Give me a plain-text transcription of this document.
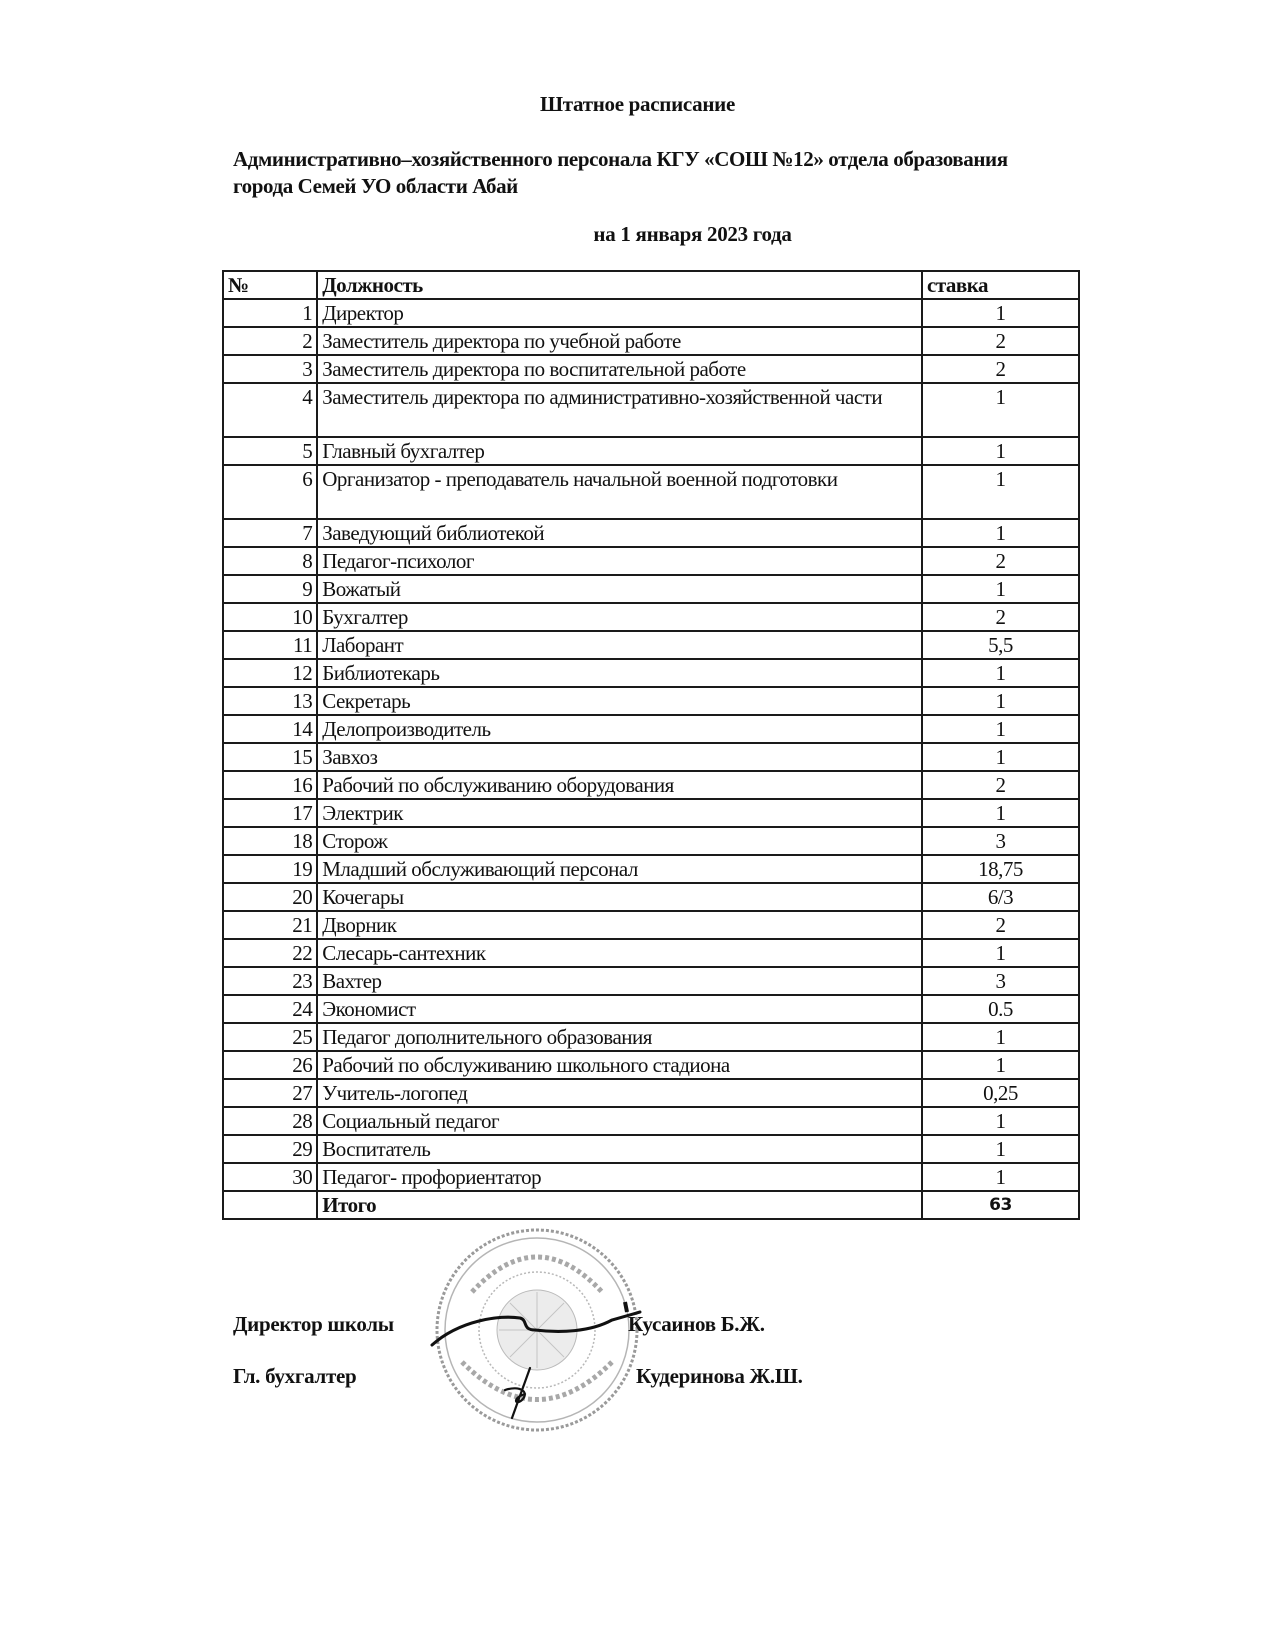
Штатное расписание
Административно–хозяйственного персонала КГУ «СОШ №12» отдела образования
города Семей УО области Абай
на 1 января 2023 года
№	Должность	ставка
1	Директор	1
2	Заместитель директора по учебной работе	2
3	Заместитель директора по воспитательной работе	2
4	Заместитель директора по административно-хозяйственной части	1
5	Главный бухгалтер	1
6	Организатор - преподаватель начальной военной подготовки	1
7	Заведующий библиотекой	1
8	Педагог-психолог	2
9	Вожатый	1
10	Бухгалтер	2
11	Лаборант	5,5
12	Библиотекарь	1
13	Секретарь	1
14	Делопроизводитель	1
15	Завхоз	1
16	Рабочий по обслуживанию оборудования	2
17	Электрик	1
18	Сторож	3
19	Младший обслуживающий персонал	18,75
20	Кочегары	6/3
21	Дворник	2
22	Слесарь-сантехник	1
23	Вахтер	3
24	Экономист	0.5
25	Педагог дополнительного образования	1
26	Рабочий по обслуживанию школьного стадиона	1
27	Учитель-логопед	0,25
28	Социальный педагог	1
29	Воспитатель	1
30	Педагог- профориентатор	1
	Итого	63
Директор школы	Кусаинов Б.Ж.
Гл. бухгалтер	Кудеринова Ж.Ш.
